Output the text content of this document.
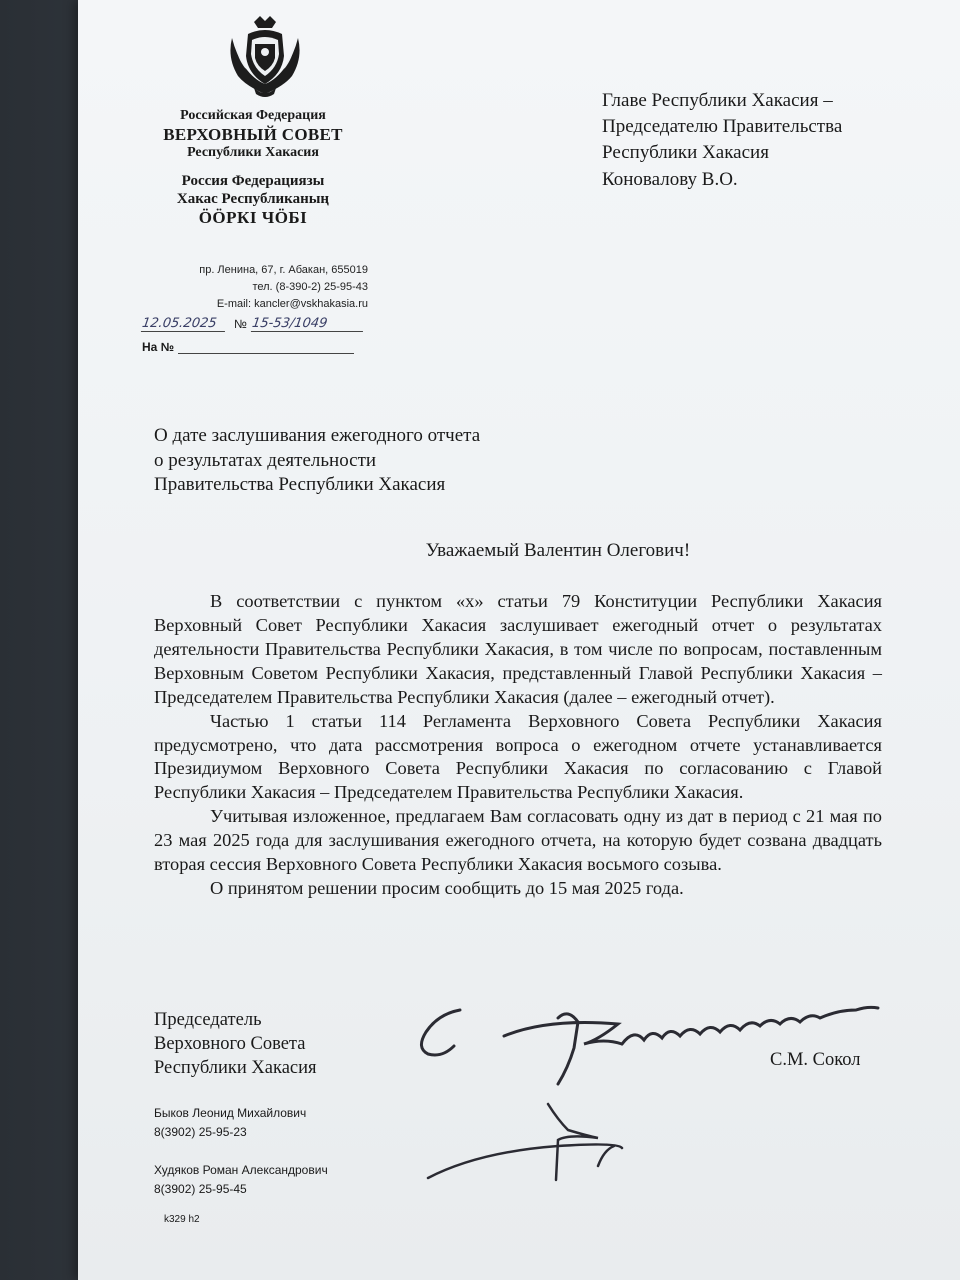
Российская Федерация
ВЕРХОВНЫЙ СОВЕТ
Республики Хакасия
Россия Федерациязы
Хакас Республиканың
ÖÖРКІ ЧÖБІ
пр. Ленина, 67, г. Абакан, 655019
тел. (8-390-2) 25-95-43
E-mail: kancler@vskhakasia.ru
12.05.2025	№ 15-53/1049
На №
Главе Республики Хакасия –
Председателю Правительства
Республики Хакасия
Коновалову В.О.
О дате заслушивания ежегодного отчета
о результатах деятельности
Правительства Республики Хакасия
Уважаемый Валентин Олегович!

В соответствии с пунктом «х» статьи 79 Конституции Республики Хакасия Верховный Совет Республики Хакасия заслушивает ежегодный отчет о результатах деятельности Правительства Республики Хакасия, в том числе по вопросам, поставленным Верховным Советом Республики Хакасия, представленный Главой Республики Хакасия – Председателем Правительства Республики Хакасия (далее – ежегодный отчет).

Частью 1 статьи 114 Регламента Верховного Совета Республики Хакасия предусмотрено, что дата рассмотрения вопроса о ежегодном отчете устанавливается Президиумом Верховного Совета Республики Хакасия по согласованию с Главой Республики Хакасия – Председателем Правительства Республики Хакасия.

Учитывая изложенное, предлагаем Вам согласовать одну из дат в период с 21 мая по 23 мая 2025 года для заслушивания ежегодного отчета, на которую будет созвана двадцать вторая сессия Верховного Совета Республики Хакасия восьмого созыва.

О принятом решении просим сообщить до 15 мая 2025 года.

Председатель
Верховного Совета
Республики Хакасия	С.М. Сокол
Быков Леонид Михайлович
8(3902) 25-95-23
Худяков Роман Александрович
8(3902) 25-95-45
k329 h2
